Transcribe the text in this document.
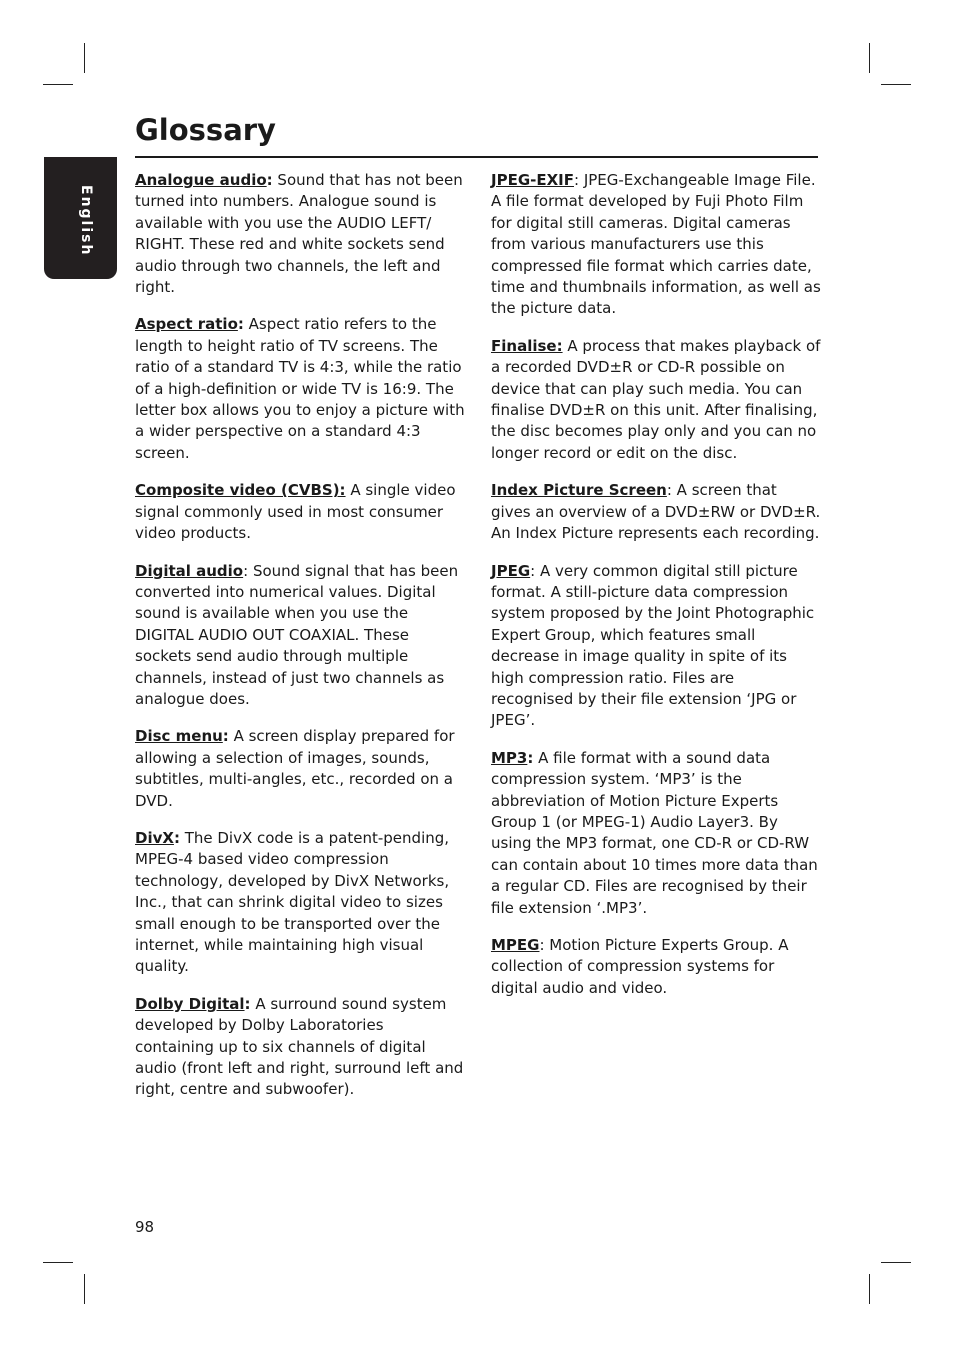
English
Glossary

Analogue audio: Sound that has not been turned into numbers. Analogue sound is available with you use the AUDIO LEFT/ RIGHT. These red and white sockets send audio through two channels, the left and right.

Aspect ratio: Aspect ratio refers to the length to height ratio of TV screens. The ratio of a standard TV is 4:3, while the ratio of a high-definition or wide TV is 16:9. The letter box allows you to enjoy a picture with a wider perspective on a standard 4:3 screen.

Composite video (CVBS): A single video signal commonly used in most consumer video products.

Digital audio: Sound signal that has been converted into numerical values. Digital sound is available when you use the DIGITAL AUDIO OUT COAXIAL. These sockets send audio through multiple channels, instead of just two channels as analogue does.

Disc menu: A screen display prepared for allowing a selection of images, sounds, subtitles, multi-angles, etc., recorded on a DVD.

DivX: The DivX code is a patent-pending, MPEG-4 based video compression technology, developed by DivX Networks, Inc., that can shrink digital video to sizes small enough to be transported over the internet, while maintaining high visual quality.

Dolby Digital: A surround sound system developed by Dolby Laboratories containing up to six channels of digital audio (front left and right, surround left and right, centre and subwoofer).

JPEG-EXIF: JPEG-Exchangeable Image File. A file format developed by Fuji Photo Film for digital still cameras. Digital cameras from various manufacturers use this compressed file format which carries date, time and thumbnails information, as well as the picture data.

Finalise: A process that makes playback of a recorded DVD±R or CD-R possible on device that can play such media. You can finalise DVD±R on this unit. After finalising, the disc becomes play only and you can no longer record or edit on the disc.

Index Picture Screen: A screen that gives an overview of a DVD±RW or DVD±R. An Index Picture represents each recording.

JPEG: A very common digital still picture format. A still-picture data compression system proposed by the Joint Photographic Expert Group, which features small decrease in image quality in spite of its high compression ratio. Files are recognised by their file extension ‘JPG or JPEG’.

MP3: A file format with a sound data compression system. ‘MP3’ is the abbreviation of Motion Picture Experts Group 1 (or MPEG-1) Audio Layer3. By using the MP3 format, one CD-R or CD-RW can contain about 10 times more data than a regular CD. Files are recognised by their file extension ‘.MP3’.

MPEG: Motion Picture Experts Group. A collection of compression systems for digital audio and video.

98
